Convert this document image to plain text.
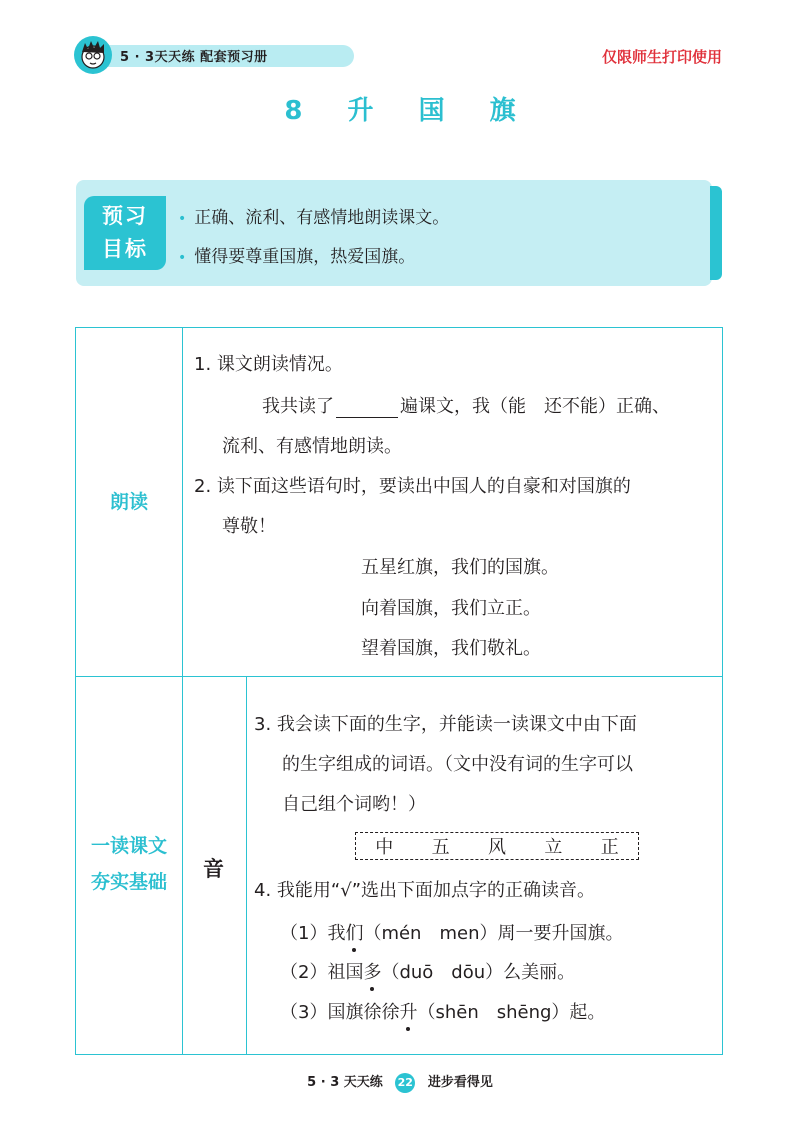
5 · 3天天练 配套预习册	仅限师生打印使用
8 升 国 旗
预习
目标
• 正确、流利、有感情地朗读课文。
• 懂得要尊重国旗，热爱国旗。
朗读
1. 课文朗读情况。
我共读了	遍课文，我（能　还不能）正确、
流利、有感情地朗读。
2. 读下面这些语句时，要读出中国人的自豪和对国旗的
尊敬！
五星红旗，我们的国旗。
向着国旗，我们立正。
望着国旗，我们敬礼。
一读课文
夯实基础
音
3. 我会读下面的生字，并能读一读课文中由下面
的生字组成的词语。（文中没有词的生字可以
自己组个词哟！）
中 五 风 立 正
4. 我能用“√”选出下面加点字的正确读音。
（1）我们（mén　men）周一要升国旗。
（2）祖国多（duō　dōu）么美丽。
（3）国旗徐徐升（shēn　shēng）起。
5 · 3 天天练 22 进步看得见
